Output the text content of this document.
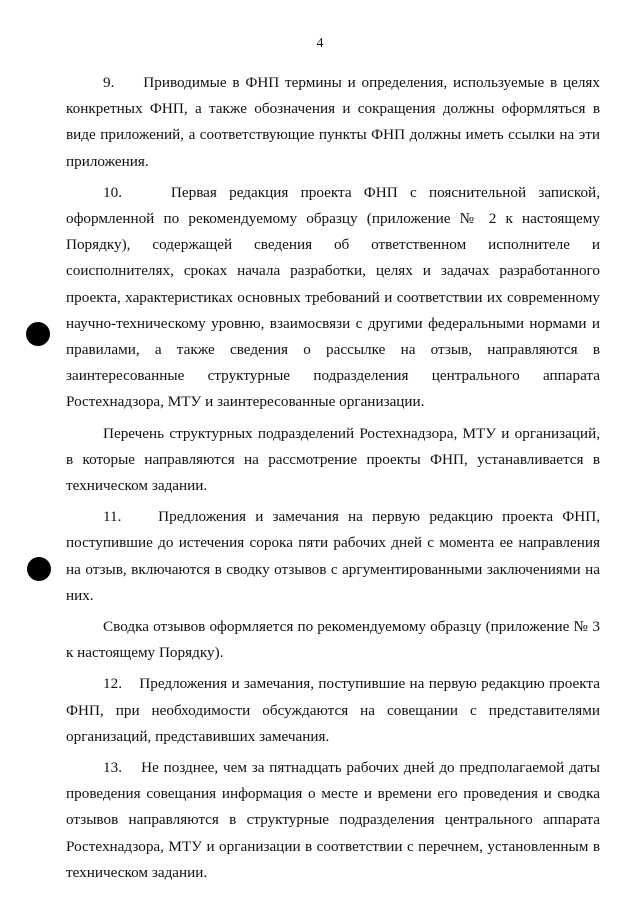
4

9.     Приводимые в ФНП термины и определения, используемые в целях конкретных ФНП, а также обозначения и сокращения должны оформляться в виде приложений, а соответствующие пункты ФНП должны иметь ссылки на эти приложения.

10.    Первая редакция проекта ФНП с пояснительной запиской, оформленной по рекомендуемому образцу (приложение № 2 к настоящему Порядку), содержащей сведения об ответственном исполнителе и соисполнителях, сроках начала разработки, целях и задачах разработанного проекта, характеристиках основных требований и соответствии их современному научно-техническому уровню, взаимосвязи с другими федеральными нормами и правилами, а также сведения о рассылке на отзыв, направляются в заинтересованные структурные подразделения центрального аппарата Ростехнадзора, МТУ и заинтересованные организации.

Перечень структурных подразделений Ростехнадзора, МТУ и организаций, в которые направляются на рассмотрение проекты ФНП, устанавливается в техническом задании.

11.    Предложения и замечания на первую редакцию проекта ФНП, поступившие до истечения сорока пяти рабочих дней с момента ее направления на отзыв, включаются в сводку отзывов с аргументированными заключениями на них.

Сводка отзывов оформляется по рекомендуемому образцу (приложение № 3 к настоящему Порядку).

12.    Предложения и замечания, поступившие на первую редакцию проекта ФНП, при необходимости обсуждаются на совещании с представителями организаций, представивших замечания.

13.    Не позднее, чем за пятнадцать рабочих дней до предполагаемой даты проведения совещания информация о месте и времени его проведения и сводка отзывов направляются в структурные подразделения центрального аппарата Ростехнадзора, МТУ и организации в соответствии с перечнем, установленным в техническом задании.
